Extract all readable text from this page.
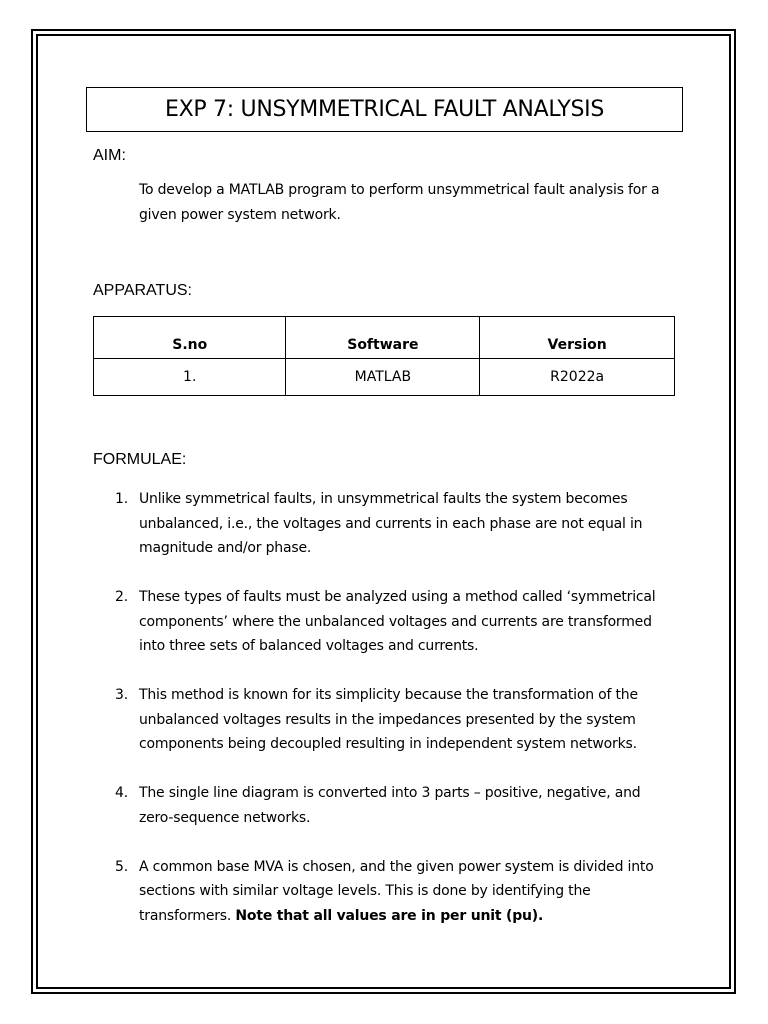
EXP 7: UNSYMMETRICAL FAULT ANALYSIS
AIM:
To develop a MATLAB program to perform unsymmetrical fault analysis for a given power system network.
APPARATUS:
S.no	Software	Version
1.	MATLAB	R2022a
FORMULAE:
1. Unlike symmetrical faults, in unsymmetrical faults the system becomes unbalanced, i.e., the voltages and currents in each phase are not equal in magnitude and/or phase.
2. These types of faults must be analyzed using a method called ‘symmetrical components’ where the unbalanced voltages and currents are transformed into three sets of balanced voltages and currents.
3. This method is known for its simplicity because the transformation of the unbalanced voltages results in the impedances presented by the system components being decoupled resulting in independent system networks.
4. The single line diagram is converted into 3 parts – positive, negative, and zero-sequence networks.
5. A common base MVA is chosen, and the given power system is divided into sections with similar voltage levels. This is done by identifying the transformers. Note that all values are in per unit (pu).
